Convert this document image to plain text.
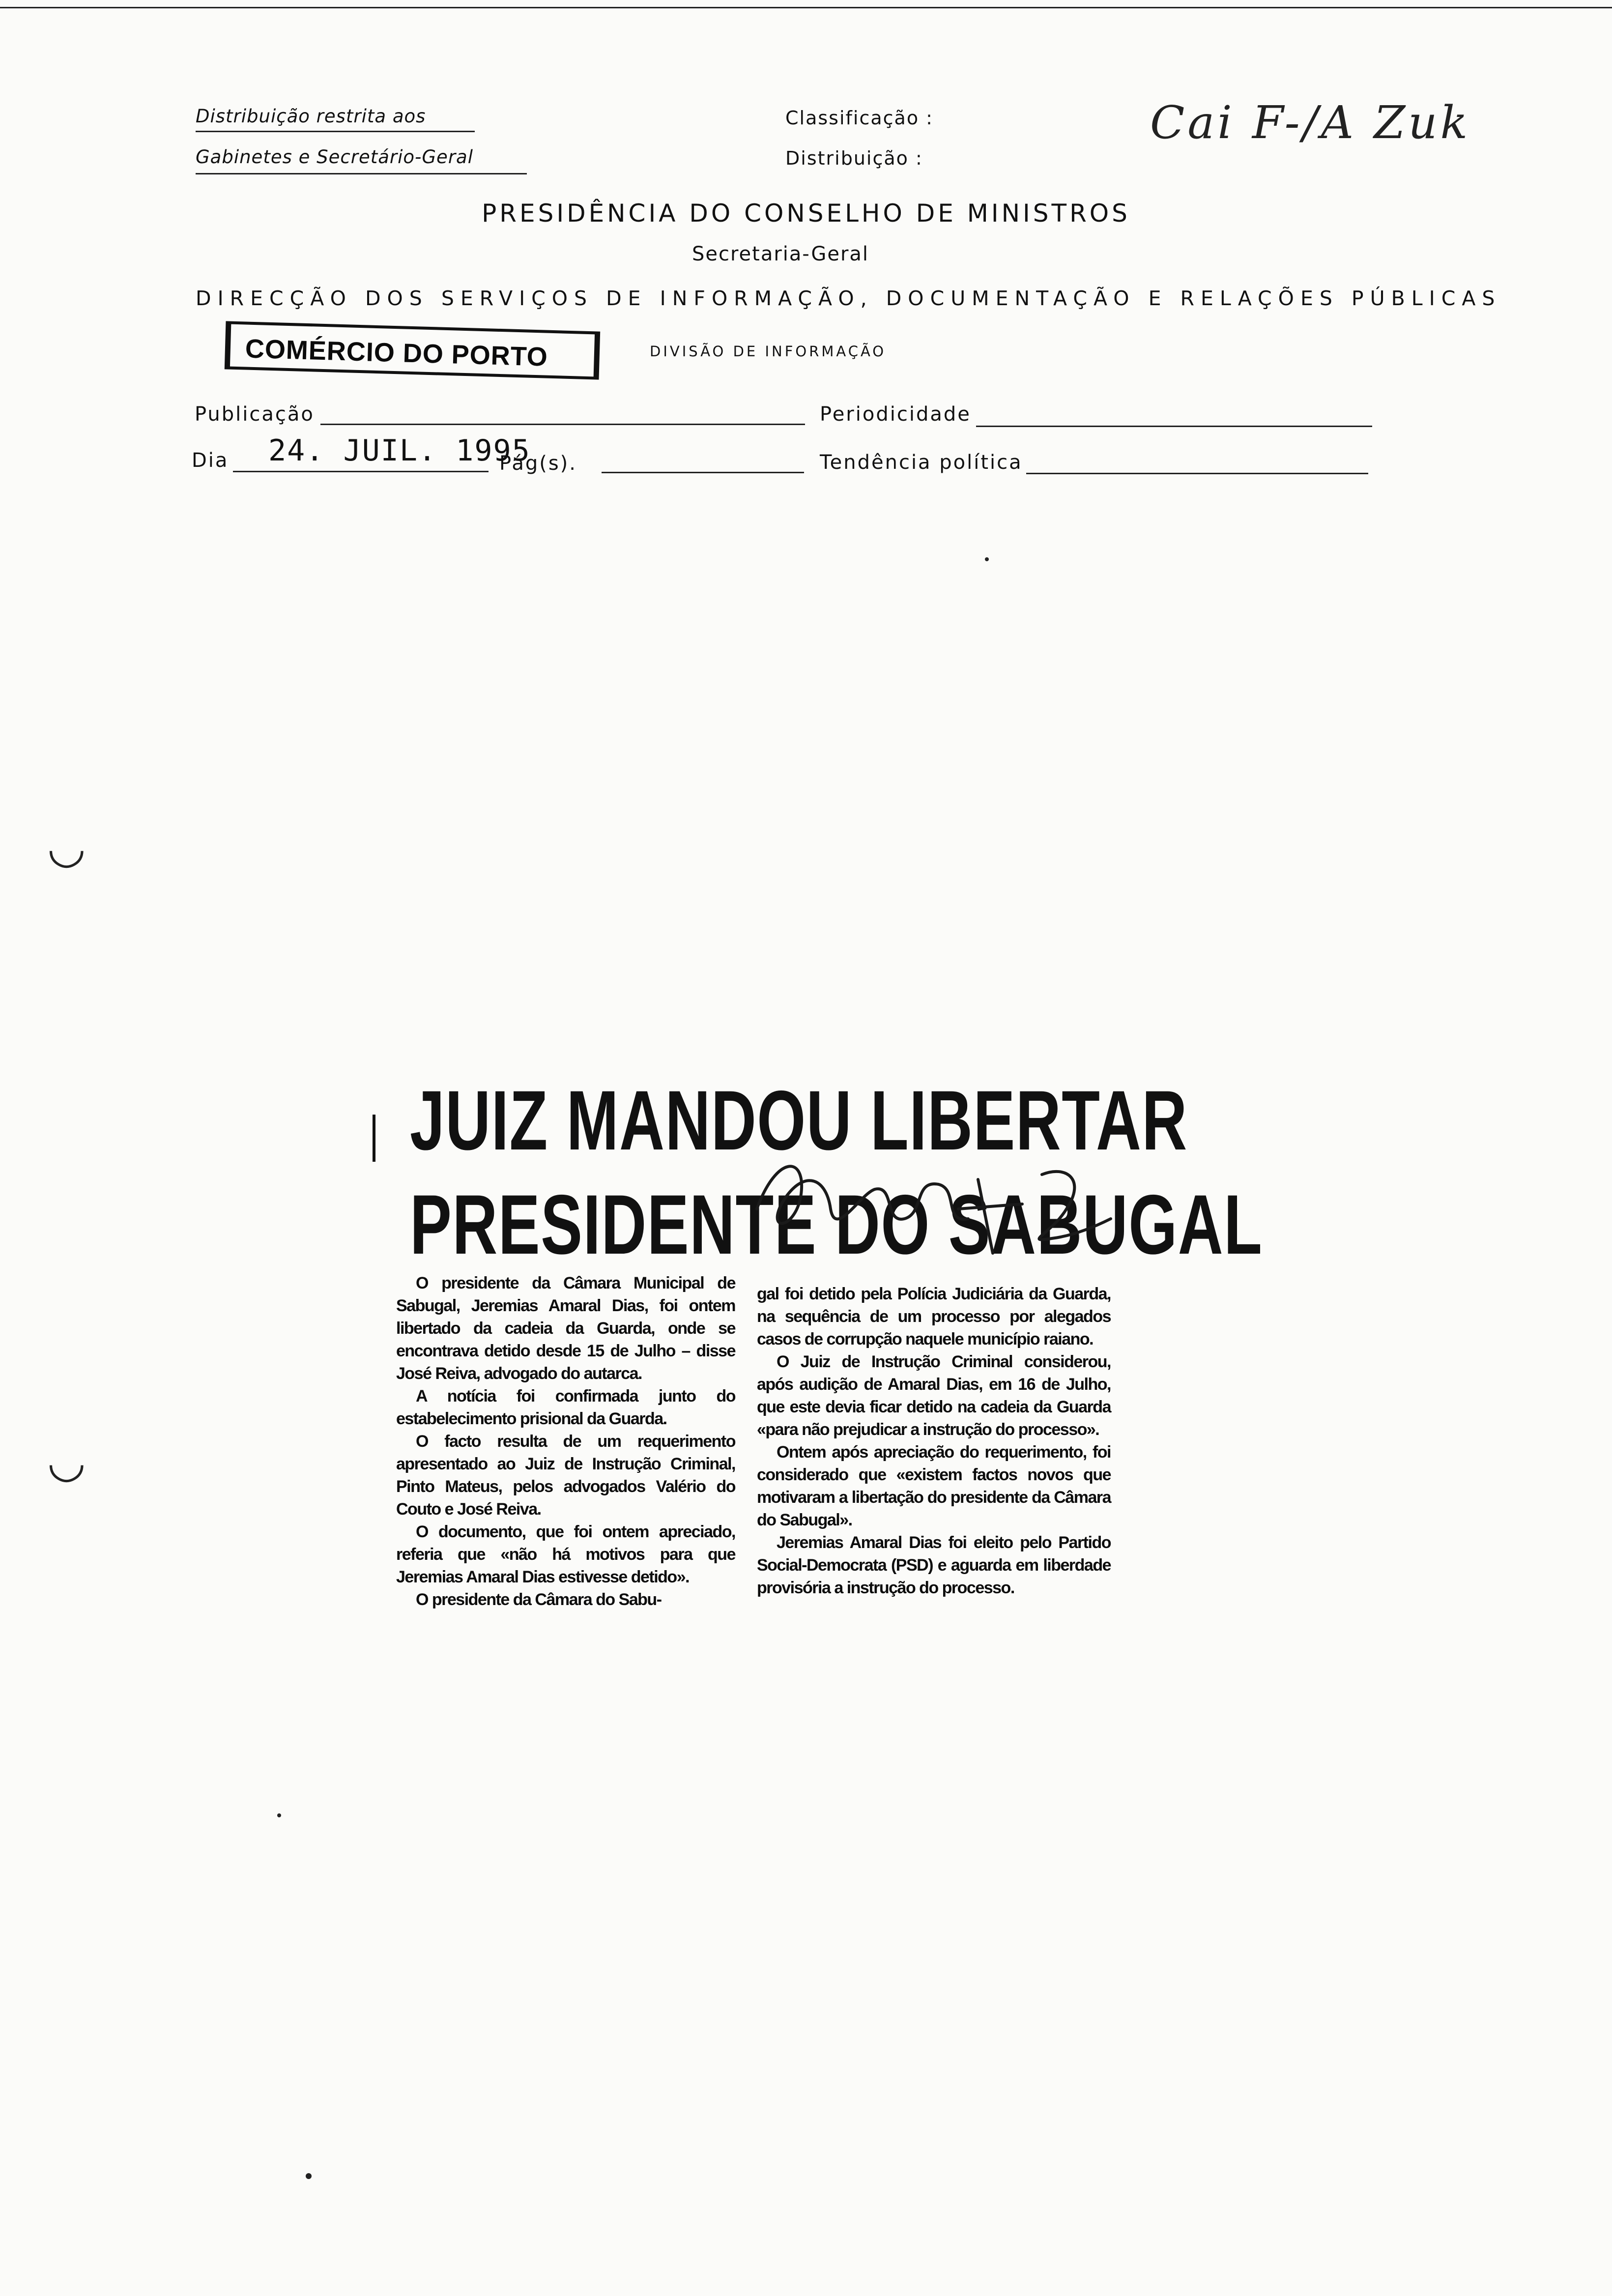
Distribuição restrita aos
Gabinetes e Secretário-Geral
Classificação :
Distribuição :
Cai F-/A Zuk
PRESIDÊNCIA DO CONSELHO DE MINISTROS
Secretaria-Geral
DIRECÇÃO DOS SERVIÇOS DE INFORMAÇÃO, DOCUMENTAÇÃO E RELAÇÕES PÚBLICAS
COMÉRCIO DO PORTO	DIVISÃO DE INFORMAÇÃO
Publicação	Periodicidade
Dia 24. JUIL. 1995
Pág(s).	Tendência política
◡
◡
JUIZ MANDOU LIBERTAR
PRESIDENTE DO SABUGAL

O presidente da Câmara Municipal de Sabugal, Jeremias Amaral Dias, foi ontem libertado da cadeia da Guarda, onde se encontrava detido desde 15 de Julho – disse José Reiva, advogado do autarca.

A notícia foi confirmada junto do estabelecimento prisional da Guarda.

O facto resulta de um requerimento apresentado ao Juiz de Instrução Criminal, Pinto Mateus, pelos advogados Valério do Couto e José Reiva.

O documento, que foi ontem apreciado, referia que «não há motivos para que Jeremias Amaral Dias estivesse detido».

O presidente da Câmara do Sabu-

gal foi detido pela Polícia Judiciária da Guarda, na sequência de um processo por alegados casos de corrupção naquele município raiano.

O Juiz de Instrução Criminal considerou, após audição de Amaral Dias, em 16 de Julho, que este devia ficar detido na cadeia da Guarda «para não prejudicar a instrução do processo».

Ontem após apreciação do requerimento, foi considerado que «existem factos novos que motivaram a libertação do presidente da Câmara do Sabugal».

Jeremias Amaral Dias foi eleito pelo Partido Social-Democrata (PSD) e aguarda em liberdade provisória a instrução do processo.
